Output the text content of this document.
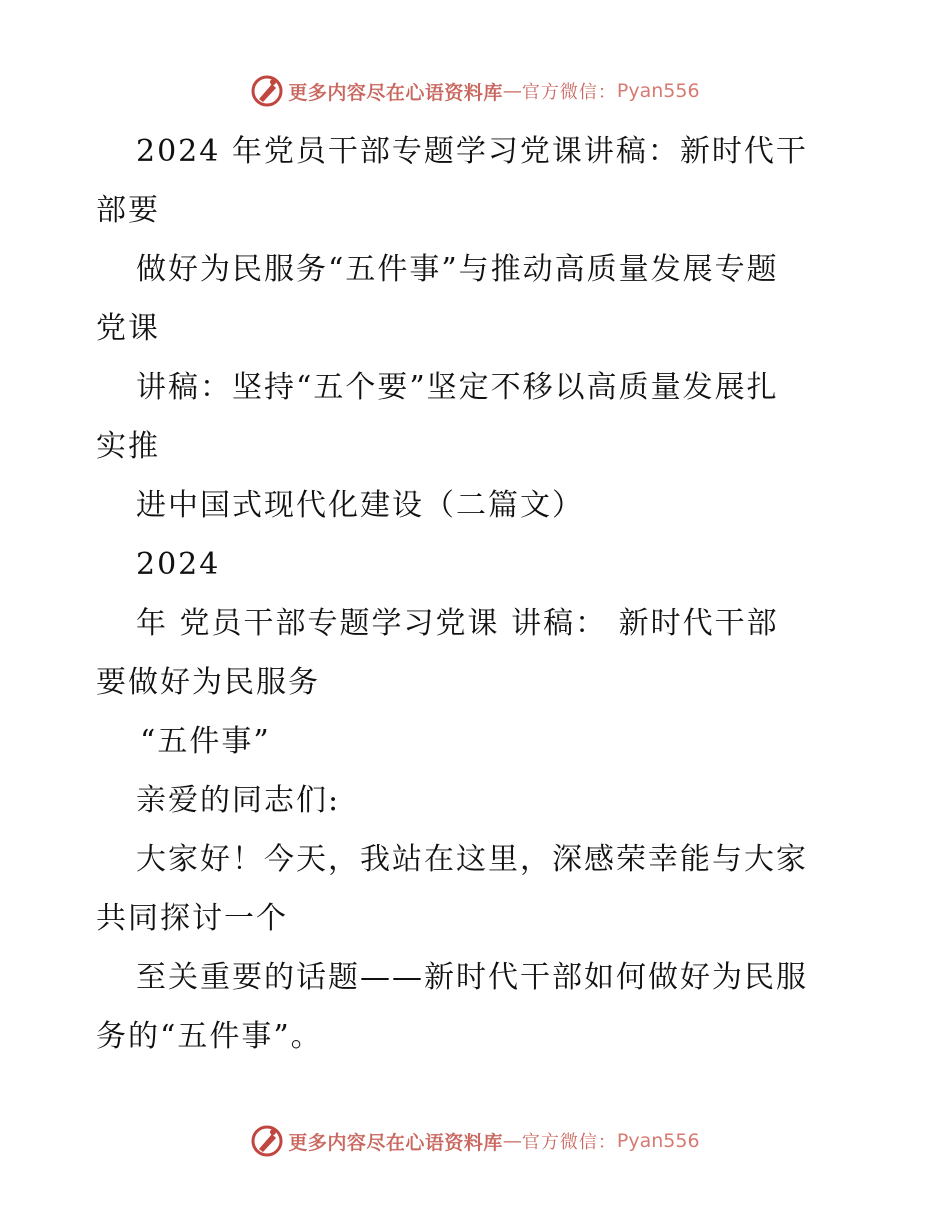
更多内容尽在心语资料库 — 官方微信： Pyan556
2024 年党员干部专题学习党课讲稿：新时代干
部要
做好为民服务“五件事”与推动高质量发展专题
党课
讲稿：坚持“五个要”坚定不移以高质量发展扎
实推
进中国式现代化建设（二篇文）
2024
年 党员干部专题学习党课 讲稿： 新时代干部
要做好为民服务
“五件事”
亲爱的同志们:
大家好！今天，我站在这里，深感荣幸能与大家
共同探讨一个
至关重要的话题——新时代干部如何做好为民服
务的“五件事”。
更多内容尽在心语资料库 — 官方微信： Pyan556
